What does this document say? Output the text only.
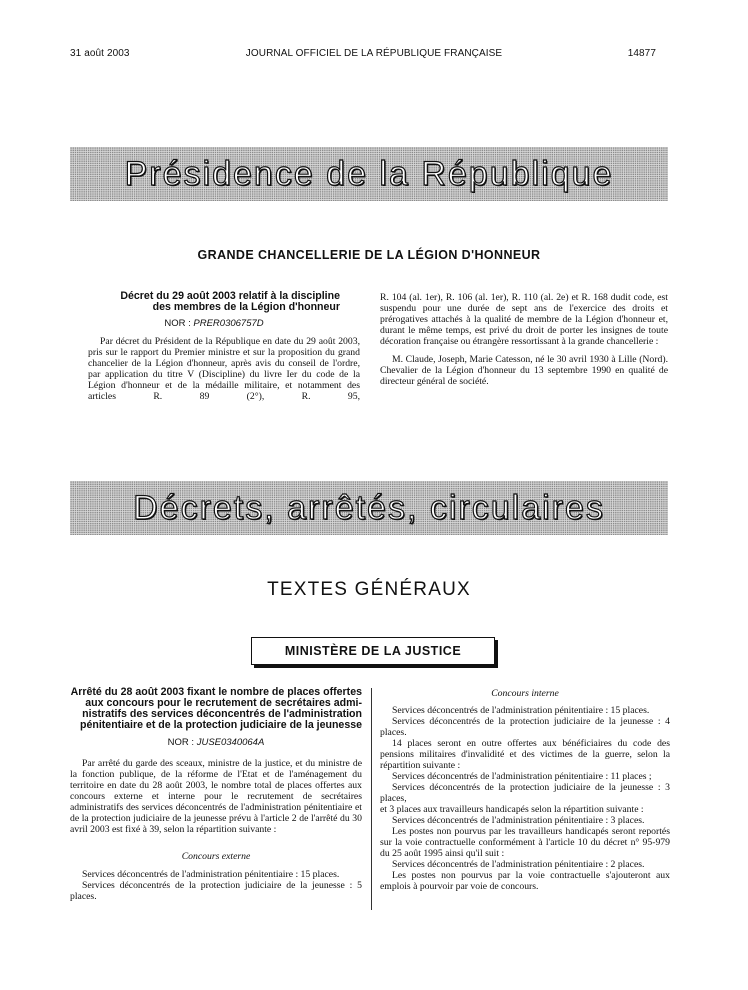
31 août 2003	JOURNAL OFFICIEL DE LA RÉPUBLIQUE FRANÇAISE	14877
Présidence de la République
GRANDE CHANCELLERIE DE LA LÉGION D'HONNEUR
Décret du 29 août 2003 relatif à la discipline
des membres de la Légion d'honneur
NOR : PRER0306757D

Par décret du Président de la République en date du 29 août 2003, pris sur le rapport du Premier ministre et sur la proposition du grand chancelier de la Légion d'honneur, après avis du conseil de l'ordre, par application du titre V (Discipline) du livre Ier du code de la Légion d'honneur et de la médaille militaire, et notamment des articles R. 89 (2°), R. 95,

R. 104 (al. 1er), R. 106 (al. 1er), R. 110 (al. 2e) et R. 168 dudit code, est suspendu pour une durée de sept ans de l'exercice des droits et prérogatives attachés à la qualité de membre de la Légion d'honneur et, durant le même temps, est privé du droit de porter les insignes de toute décoration française ou étrangère ressortissant à la grande chancellerie :

M. Claude, Joseph, Marie Catesson, né le 30 avril 1930 à Lille (Nord). Chevalier de la Légion d'honneur du 13 septembre 1990 en qualité de directeur général de société.

Décrets, arrêtés, circulaires
TEXTES GÉNÉRAUX
MINISTÈRE DE LA JUSTICE
Arrêté du 28 août 2003 fixant le nombre de places offertes
aux concours pour le recrutement de secrétaires admi-
nistratifs des services déconcentrés de l'administration
pénitentiaire et de la protection judiciaire de la jeunesse
NOR : JUSE0340064A

Par arrêté du garde des sceaux, ministre de la justice, et du ministre de la fonction publique, de la réforme de l'Etat et de l'aménagement du territoire en date du 28 août 2003, le nombre total de places offertes aux concours externe et interne pour le recrutement de secrétaires administratifs des services déconcentrés de l'administration pénitentiaire et de la protection judiciaire de la jeunesse prévu à l'article 2 de l'arrêté du 30 avril 2003 est fixé à 39, selon la répartition suivante :

Concours externe

Services déconcentrés de l'administration pénitentiaire : 15 places.

Services déconcentrés de la protection judiciaire de la jeunesse : 5 places.

Concours interne

Services déconcentrés de l'administration pénitentiaire : 15 places.

Services déconcentrés de la protection judiciaire de la jeunesse : 4 places.

14 places seront en outre offertes aux bénéficiaires du code des pensions militaires d'invalidité et des victimes de la guerre, selon la répartition suivante :

Services déconcentrés de l'administration pénitentiaire : 11 places ;

Services déconcentrés de la protection judiciaire de la jeunesse : 3 places,

et 3 places aux travailleurs handicapés selon la répartition suivante :

Services déconcentrés de l'administration pénitentiaire : 3 places.

Les postes non pourvus par les travailleurs handicapés seront reportés sur la voie contractuelle conformément à l'article 10 du décret n° 95-979 du 25 août 1995 ainsi qu'il suit :

Services déconcentrés de l'administration pénitentiaire : 2 places.

Les postes non pourvus par la voie contractuelle s'ajouteront aux emplois à pourvoir par voie de concours.
